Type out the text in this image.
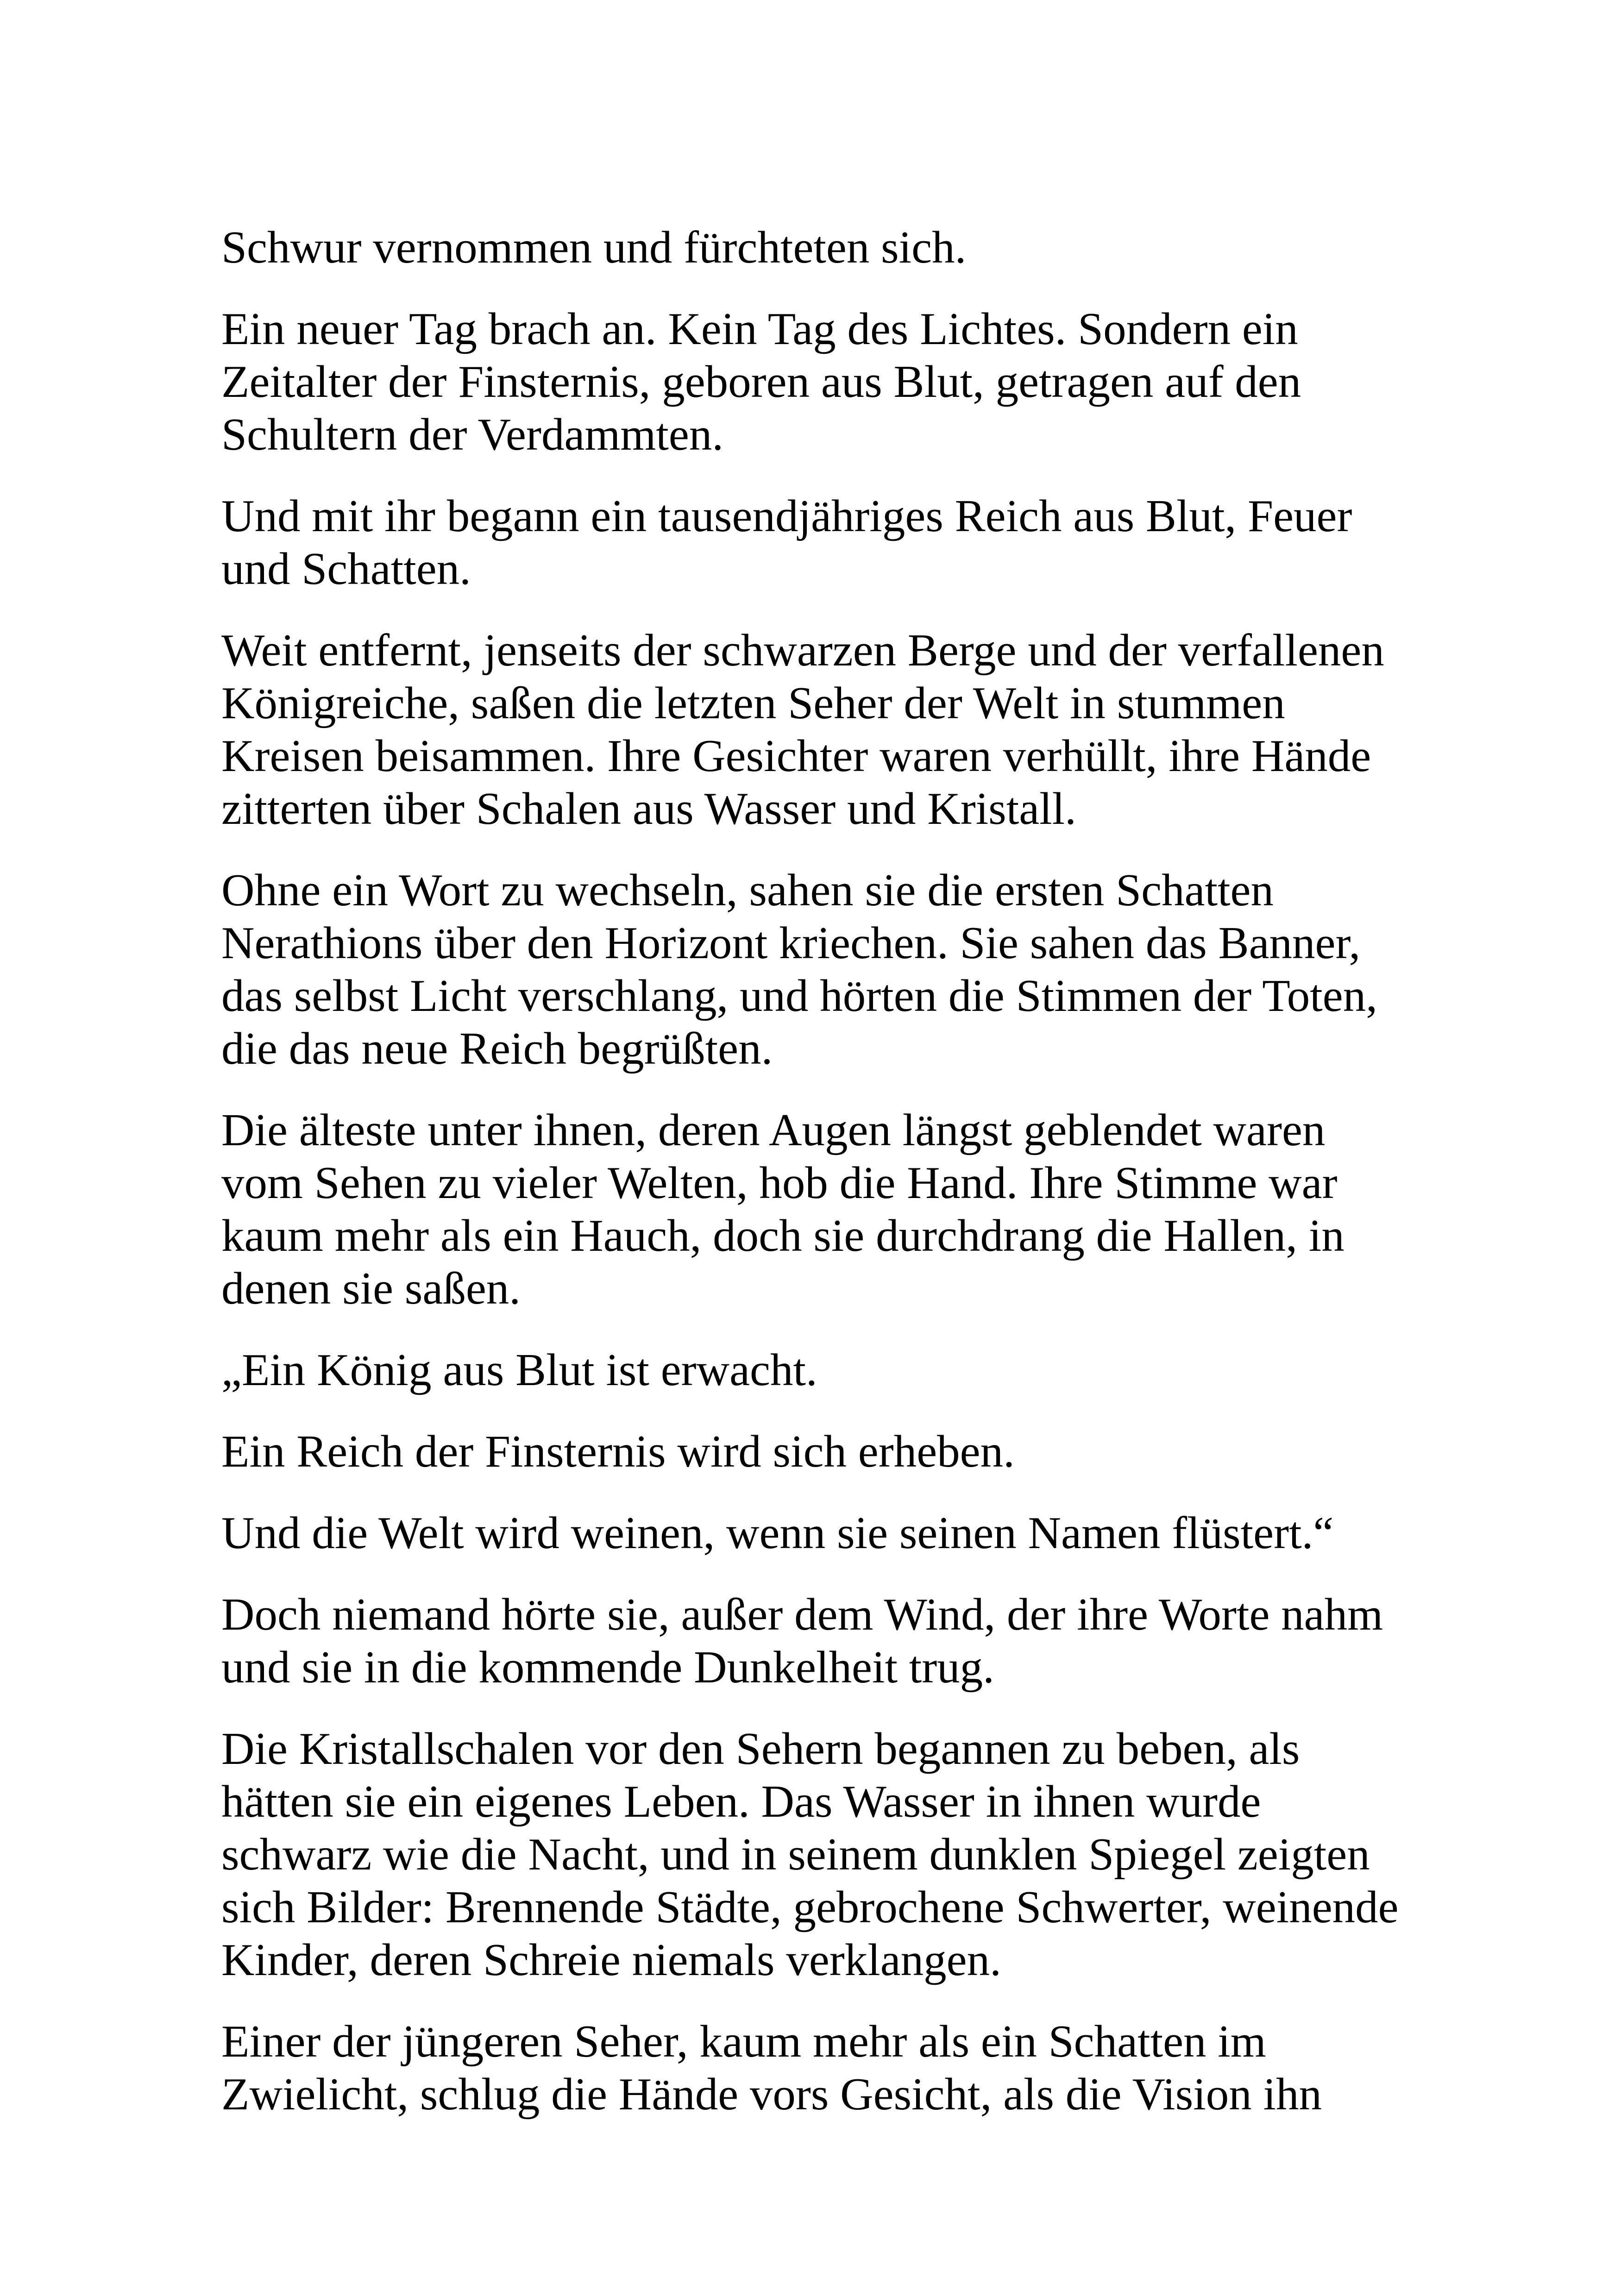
Schwur vernommen und fürchteten sich.

Ein neuer Tag brach an. Kein Tag des Lichtes. Sondern ein Zeitalter der Finsternis, geboren aus Blut, getragen auf den Schultern der Verdammten.

Und mit ihr begann ein tausendjähriges Reich aus Blut, Feuer und Schatten.

Weit entfernt, jenseits der schwarzen Berge und der verfallenen Königreiche, saßen die letzten Seher der Welt in stummen Kreisen beisammen. Ihre Gesichter waren verhüllt, ihre Hände zitterten über Schalen aus Wasser und Kristall.

Ohne ein Wort zu wechseln, sahen sie die ersten Schatten Nerathions über den Horizont kriechen. Sie sahen das Banner, das selbst Licht verschlang, und hörten die Stimmen der Toten, die das neue Reich begrüßten.

Die älteste unter ihnen, deren Augen längst geblendet waren vom Sehen zu vieler Welten, hob die Hand. Ihre Stimme war kaum mehr als ein Hauch, doch sie durchdrang die Hallen, in denen sie saßen.

„Ein König aus Blut ist erwacht.

Ein Reich der Finsternis wird sich erheben.

Und die Welt wird weinen, wenn sie seinen Namen flüstert.“

Doch niemand hörte sie, außer dem Wind, der ihre Worte nahm und sie in die kommende Dunkelheit trug.

Die Kristallschalen vor den Sehern begannen zu beben, als hätten sie ein eigenes Leben. Das Wasser in ihnen wurde schwarz wie die Nacht, und in seinem dunklen Spiegel zeigten sich Bilder: Brennende Städte, gebrochene Schwerter, weinende Kinder, deren Schreie niemals verklangen.

Einer der jüngeren Seher, kaum mehr als ein Schatten im Zwielicht, schlug die Hände vors Gesicht, als die Vision ihn
